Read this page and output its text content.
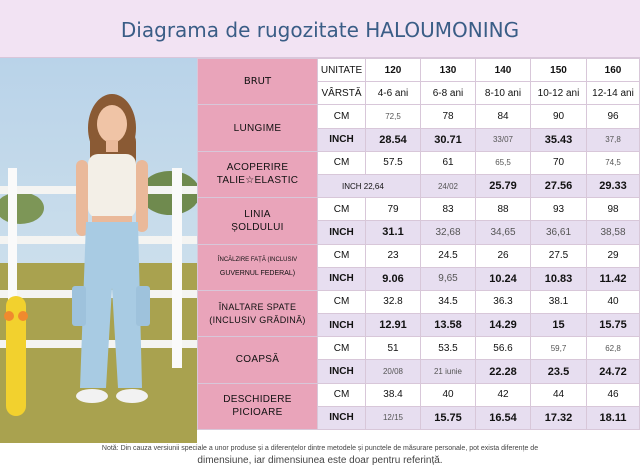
Diagrama de rugozitate HALOUMONING
BRUT	UNITATE	120	130	140	150	160
	VÂRSTĂ	4-6 ani	6-8 ani	8-10 ani	10-12 ani	12-14 ani

LUNGIME	CM	72,5	78	84	90	96
	INCH	28.54	30.71	33/07	35.43	37,8

ACOPERIRE
TALIE☆ELASTIC	CM	57.5	61	65,5	70	74,5
	INCH 22,64		24/02	25.79	27.56	29.33

LINIA
ȘOLDULUI	CM	79	83	88	93	98
	INCH	31.1	32,68	34,65	36,61	38,58

ÎNCĂLZIRE FAȚĂ (INCLUSIV
GUVERNUL FEDERAL)	CM	23	24.5	26	27.5	29
	INCH	9.06	9,65	10.24	10.83	11.42

ÎNALTARE SPATE
(INCLUSIV GRĂDINĂ)	CM	32.8	34.5	36.3	38.1	40
	INCH	12.91	13.58	14.29	15	15.75

COAPSĂ	CM	51	53.5	56.6	59,7	62,8
	INCH	20/08	21 iunie	22.28	23.5	24.72

DESCHIDERE
PICIOARE	CM	38.4	40	42	44	46
	INCH	12/15	15.75	16.54	17.32	18.11
Notă: Din cauza versiunii speciale a unor produse și a diferențelor dintre metodele și punctele de măsurare personale, pot exista diferențe de
dimensiune, iar dimensiunea este doar pentru referință.
